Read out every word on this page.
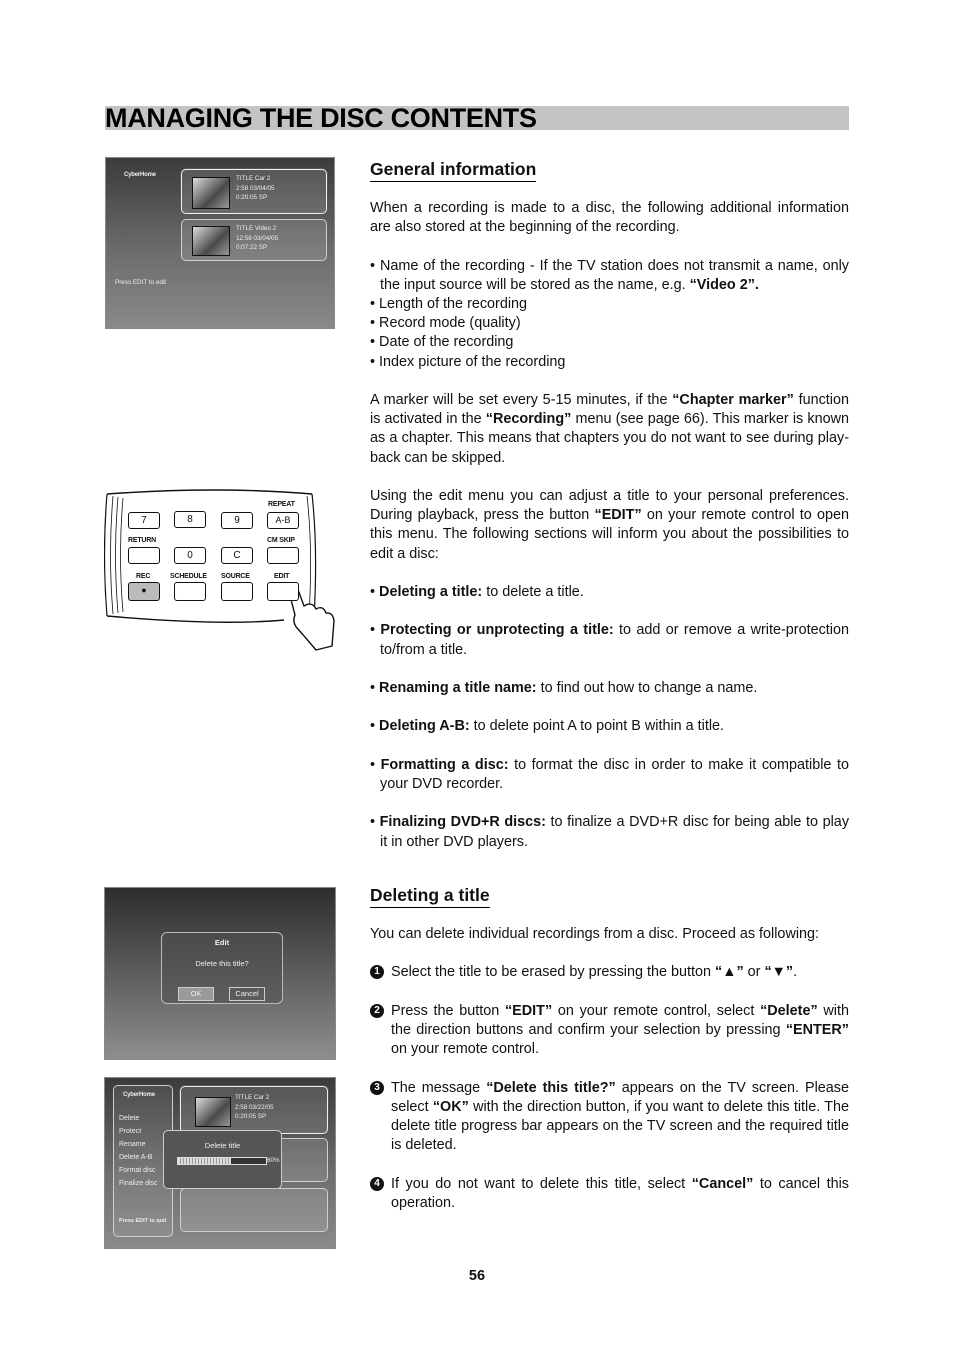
MANAGING THE DISC CONTENTS
CyberHome	TITLE Car 2
2:58 03/04/05
0:20:05 SP
TITLE Video 2
12:58 03/04/05
0:07:22 SP
Press EDIT to edit
REPEAT
7	8	9	A-B
RETURN	CM SKIP
0	C
REC	SCHEDULE SOURCE	EDIT
●
General information

When a recording is made to a disc, the following additional information are also stored at the beginning of the recording.

• Name of the recording - If the TV station does not transmit a name, only the input source will be stored as the name, e.g. “Video 2”.

• Length of the recording

• Record mode (quality)

• Date of the recording

• Index picture of the recording

A marker will be set every 5-15 minutes, if the “Chapter marker” function is activated in the “Recording” menu (see page 66). This marker is known as a chapter. This means that chapters you do not want to see during play-back can be skipped.

Using the edit menu you can adjust a title to your personal preferences. During playback, press the button “EDIT” on your remote control to open this menu. The following sections will inform you about the possibilities to edit a disc:

• Deleting a title: to delete a title.

• Protecting or unprotecting a title: to add or remove a write-protection to/from a title.

• Renaming a title name: to find out how to change a name.

• Deleting A-B: to delete point A to point B within a title.

• Formatting a disc: to format the disc in order to make it compatible to your DVD recorder.

• Finalizing DVD+R discs: to finalize a DVD+R disc for being able to play it in other DVD players.

Edit
Delete this title?
OK	Cancel
CyberHome
Delete
Protect
Rename
Delete A-B
Format disc
Finalize disc
Press EDIT to quit
TITLE Car 2
2:58 03/22/05
0:20:05 SP
Delete title
60%
Deleting a title

You can delete individual recordings from a disc. Proceed as following:

1 Select the title to be erased by pressing the button “▲” or “▼”.
2 Press the button “EDIT” on your remote control, select “Delete” with the direction buttons and confirm your selection by pressing “ENTER” on your remote control.
3 The message “Delete this title?” appears on the TV screen. Please select “OK” with the direction button, if you want to delete this title. The delete title progress bar appears on the TV screen and the required title is deleted.
4 If you do not want to delete this title, select “Cancel” to cancel this operation.
56
